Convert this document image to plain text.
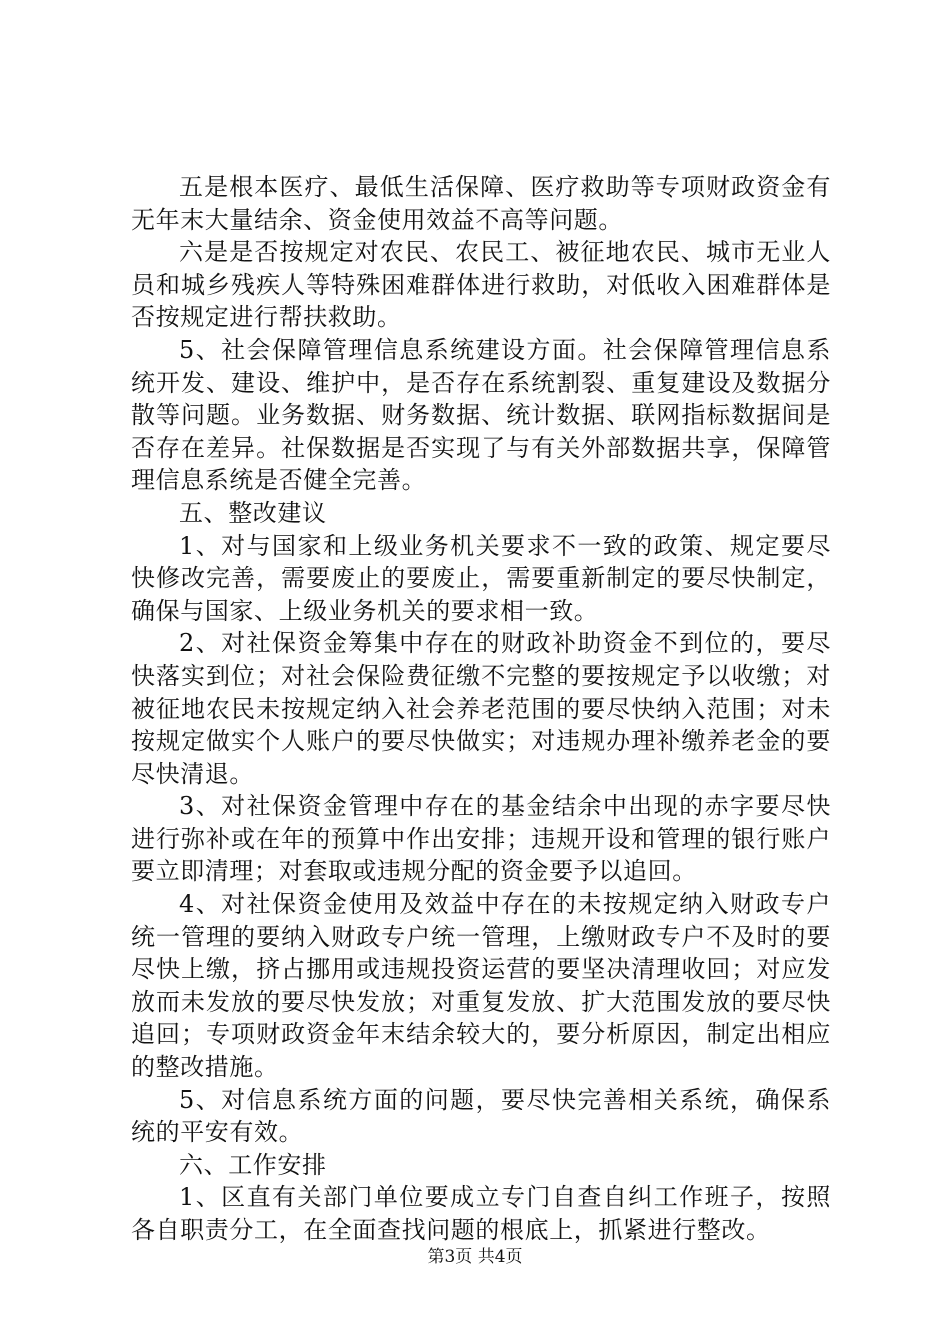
五是根本医疗、最低生活保障、医疗救助等专项财政资金有无年末大量结余、资金使用效益不高等问题。

六是是否按规定对农民、农民工、被征地农民、城市无业人员和城乡残疾人等特殊困难群体进行救助，对低收入困难群体是否按规定进行帮扶救助。

5、社会保障管理信息系统建设方面。社会保障管理信息系统开发、建设、维护中，是否存在系统割裂、重复建设及数据分散等问题。业务数据、财务数据、统计数据、联网指标数据间是否存在差异。社保数据是否实现了与有关外部数据共享，保障管理信息系统是否健全完善。

五、整改建议

1、对与国家和上级业务机关要求不一致的政策、规定要尽快修改完善，需要废止的要废止，需要重新制定的要尽快制定，确保与国家、上级业务机关的要求相一致。

2、对社保资金筹集中存在的财政补助资金不到位的，要尽快落实到位；对社会保险费征缴不完整的要按规定予以收缴；对被征地农民未按规定纳入社会养老范围的要尽快纳入范围；对未按规定做实个人账户的要尽快做实；对违规办理补缴养老金的要尽快清退。

3、对社保资金管理中存在的基金结余中出现的赤字要尽快进行弥补或在年的预算中作出安排；违规开设和管理的银行账户要立即清理；对套取或违规分配的资金要予以追回。

4、对社保资金使用及效益中存在的未按规定纳入财政专户统一管理的要纳入财政专户统一管理，上缴财政专户不及时的要尽快上缴，挤占挪用或违规投资运营的要坚决清理收回；对应发放而未发放的要尽快发放；对重复发放、扩大范围发放的要尽快追回；专项财政资金年末结余较大的，要分析原因，制定出相应的整改措施。

5、对信息系统方面的问题，要尽快完善相关系统，确保系统的平安有效。

六、工作安排

1、区直有关部门单位要成立专门自查自纠工作班子，按照各自职责分工，在全面查找问题的根底上，抓紧进行整改。

第3页 共4页
